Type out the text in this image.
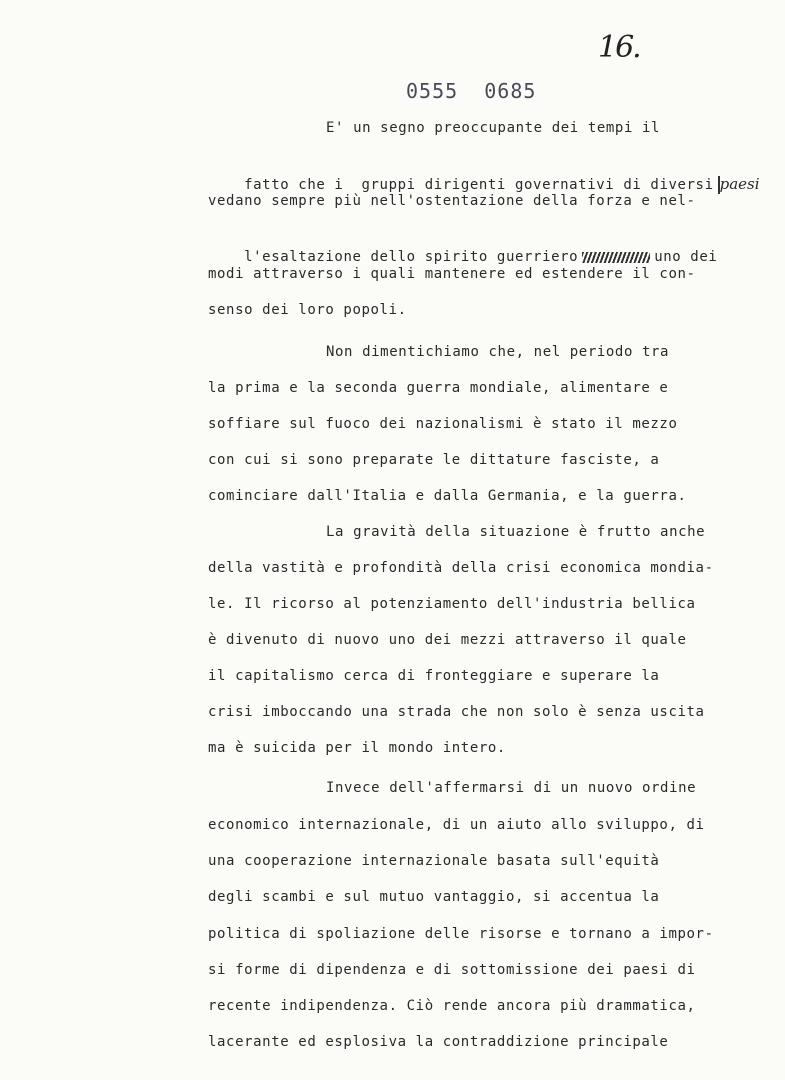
16.
0555  0685
E' un segno preoccupante dei tempi il

fatto che i  gruppi dirigenti governativi di diversi paesi

vedano sempre più nell'ostentazione della forza e nel-

l'esaltazione dello spirito guerriero	uno dei

modi attraverso i quali mantenere ed estendere il con-
senso dei loro popoli.
Non dimentichiamo che, nel periodo tra
la prima e la seconda guerra mondiale, alimentare e
soffiare sul fuoco dei nazionalismi è stato il mezzo
con cui si sono preparate le dittature fasciste, a
cominciare dall'Italia e dalla Germania, e la guerra.
La gravità della situazione è frutto anche
della vastità e profondità della crisi economica mondia-
le. Il ricorso al potenziamento dell'industria bellica
è divenuto di nuovo uno dei mezzi attraverso il quale
il capitalismo cerca di fronteggiare e superare la
crisi imboccando una strada che non solo è senza uscita
ma è suicida per il mondo intero.
Invece dell'affermarsi di un nuovo ordine
economico internazionale, di un aiuto allo sviluppo, di
una cooperazione internazionale basata sull'equità
degli scambi e sul mutuo vantaggio, si accentua la
politica di spoliazione delle risorse e tornano a impor-
si forme di dipendenza e di sottomissione dei paesi di
recente indipendenza. Ciò rende ancora più drammatica,
lacerante ed esplosiva la contraddizione principale
